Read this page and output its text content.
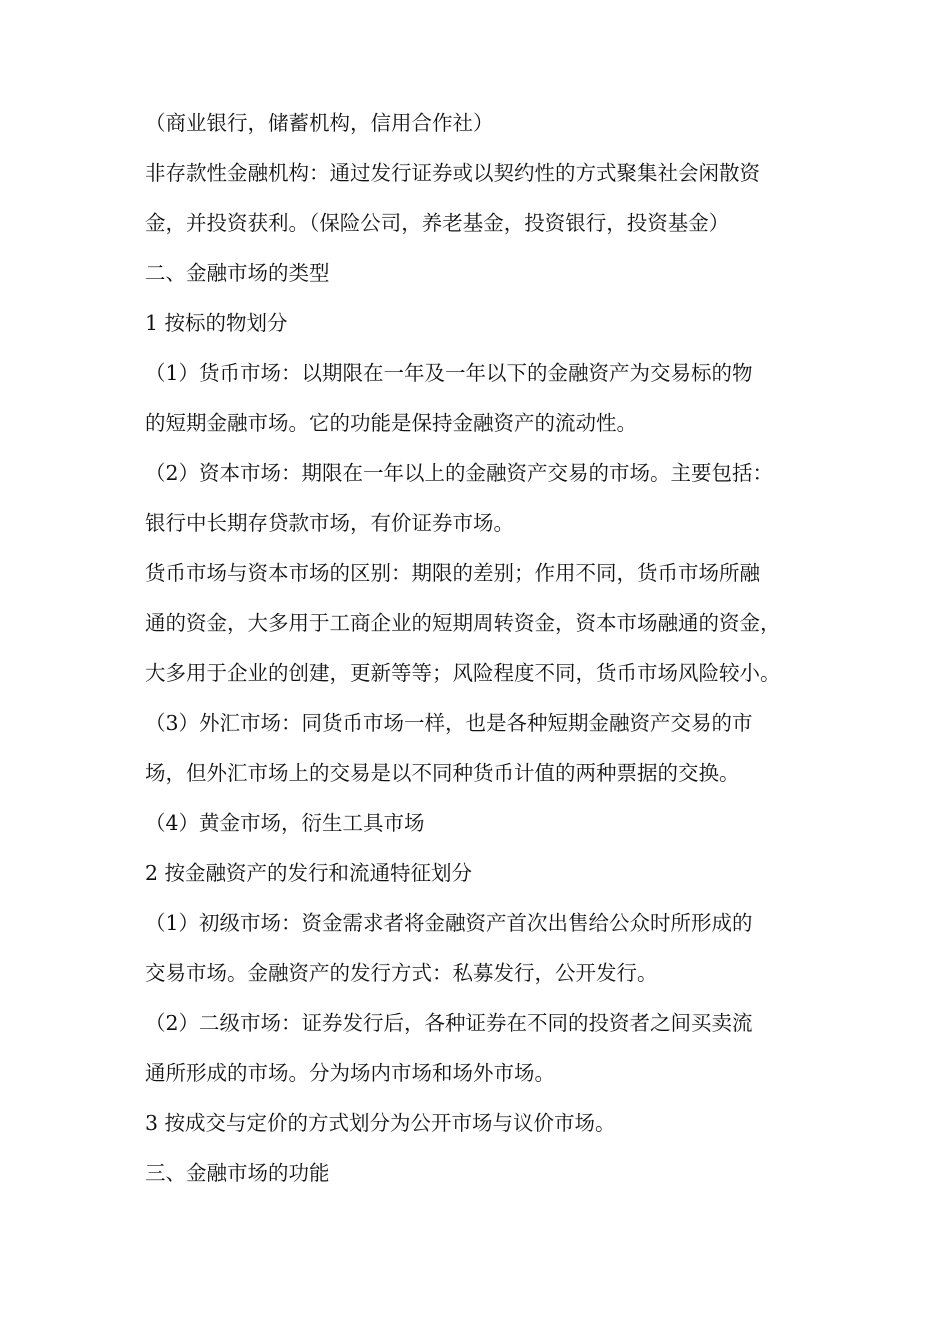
（商业银行，储蓄机构，信用合作社）
非存款性金融机构：通过发行证券或以契约性的方式聚集社会闲散资
金，并投资获利。（保险公司，养老基金，投资银行，投资基金）
二、金融市场的类型
1 按标的物划分
（1）货币市场：以期限在一年及一年以下的金融资产为交易标的物
的短期金融市场。它的功能是保持金融资产的流动性。
（2）资本市场：期限在一年以上的金融资产交易的市场。主要包括：
银行中长期存贷款市场，有价证券市场。
货币市场与资本市场的区别：期限的差别；作用不同，货币市场所融
通的资金，大多用于工商企业的短期周转资金，资本市场融通的资金，
大多用于企业的创建，更新等等；风险程度不同，货币市场风险较小。
（3）外汇市场：同货币市场一样，也是各种短期金融资产交易的市
场，但外汇市场上的交易是以不同种货币计值的两种票据的交换。
（4）黄金市场，衍生工具市场
2 按金融资产的发行和流通特征划分
（1）初级市场：资金需求者将金融资产首次出售给公众时所形成的
交易市场。金融资产的发行方式：私募发行，公开发行。
（2）二级市场：证券发行后，各种证券在不同的投资者之间买卖流
通所形成的市场。分为场内市场和场外市场。
3 按成交与定价的方式划分为公开市场与议价市场。
三、金融市场的功能
